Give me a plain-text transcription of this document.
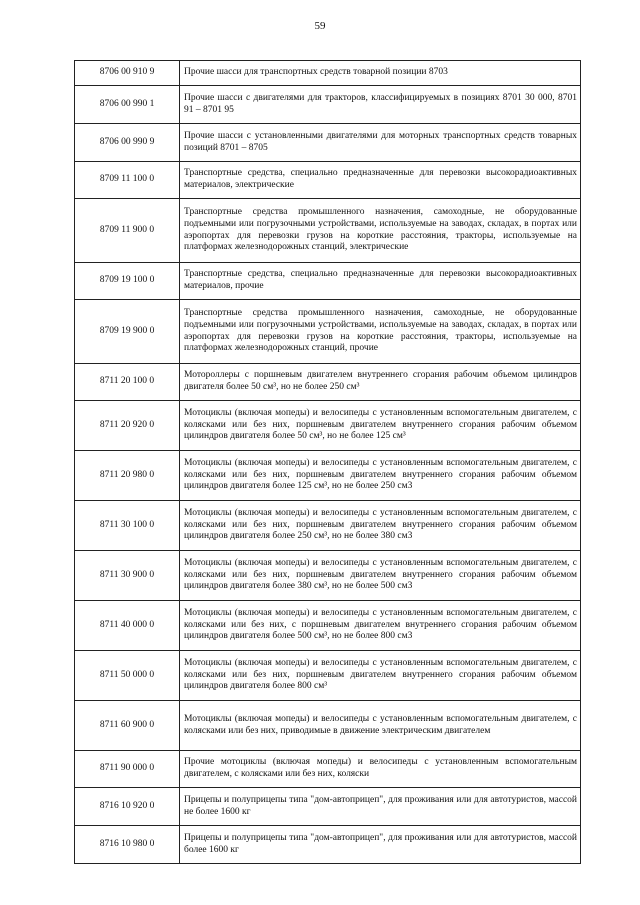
59
8706 00 910 9	Прочие шасси для транспортных средств товарной позиции 8703
8706 00 990 1	Прочие шасси с двигателями для тракторов, классифицируемых в позициях 8701 30 000, 8701 91 – 8701 95
8706 00 990 9	Прочие шасси с установленными двигателями для моторных транспортных средств товарных позиций 8701 – 8705
8709 11 100 0	Транспортные средства, специально предназначенные для перевозки высокорадиоактивных материалов, электрические
8709 11 900 0	Транспортные средства промышленного назначения, самоходные, не оборудованные подъемными или погрузочными устройствами, используемые на заводах, складах, в портах или аэропортах для перевозки грузов на короткие расстояния, тракторы, используемые на платформах железнодорожных станций, электрические
8709 19 100 0	Транспортные средства, специально предназначенные для перевозки высокорадиоактивных материалов, прочие
8709 19 900 0	Транспортные средства промышленного назначения, самоходные, не оборудованные подъемными или погрузочными устройствами, используемые на заводах, складах, в портах или аэропортах для перевозки грузов на короткие расстояния, тракторы, используемые на платформах железнодорожных станций, прочие
8711 20 100 0	Мотороллеры с поршневым двигателем внутреннего сгорания рабочим объемом цилиндров двигателя более 50 см³, но не более 250 см³
8711 20 920 0	Мотоциклы (включая мопеды) и велосипеды с установленным вспомогательным двигателем, с колясками или без них, поршневым двигателем внутреннего сгорания рабочим объемом цилиндров двигателя более 50 см³, но не более 125 см³
8711 20 980 0	Мотоциклы (включая мопеды) и велосипеды с установленным вспомогательным двигателем, с колясками или без них, поршневым двигателем внутреннего сгорания рабочим объемом цилиндров двигателя более 125 см³, но не более 250 см3
8711 30 100 0	Мотоциклы (включая мопеды) и велосипеды с установленным вспомогательным двигателем, с колясками или без них, поршневым двигателем внутреннего сгорания рабочим объемом цилиндров двигателя более 250 см³, но не более 380 см3
8711 30 900 0	Мотоциклы (включая мопеды) и велосипеды с установленным вспомогательным двигателем, с колясками или без них, поршневым двигателем внутреннего сгорания рабочим объемом цилиндров двигателя более 380 см³, но не более 500 см3
8711 40 000 0	Мотоциклы (включая мопеды) и велосипеды с установленным вспомогательным двигателем, с колясками или без них, с поршневым двигателем внутреннего сгорания рабочим объемом цилиндров двигателя более 500 см³, но не более 800 см3
8711 50 000 0	Мотоциклы (включая мопеды) и велосипеды с установленным вспомогательным двигателем, с колясками или без них, поршневым двигателем внутреннего сгорания рабочим объемом цилиндров двигателя более 800 см³
8711 60 900 0	Мотоциклы (включая мопеды) и велосипеды с установленным вспомогательным двигателем, с колясками или без них, приводимые в движение электрическим двигателем
8711 90 000 0	Прочие мотоциклы (включая мопеды) и велосипеды с установленным вспомогательным двигателем, с колясками или без них, коляски
8716 10 920 0	Прицепы и полуприцепы типа "дом-автоприцеп", для проживания или для автотуристов, массой не более 1600 кг
8716 10 980 0	Прицепы и полуприцепы типа "дом-автоприцеп", для проживания или для автотуристов, массой более 1600 кг
